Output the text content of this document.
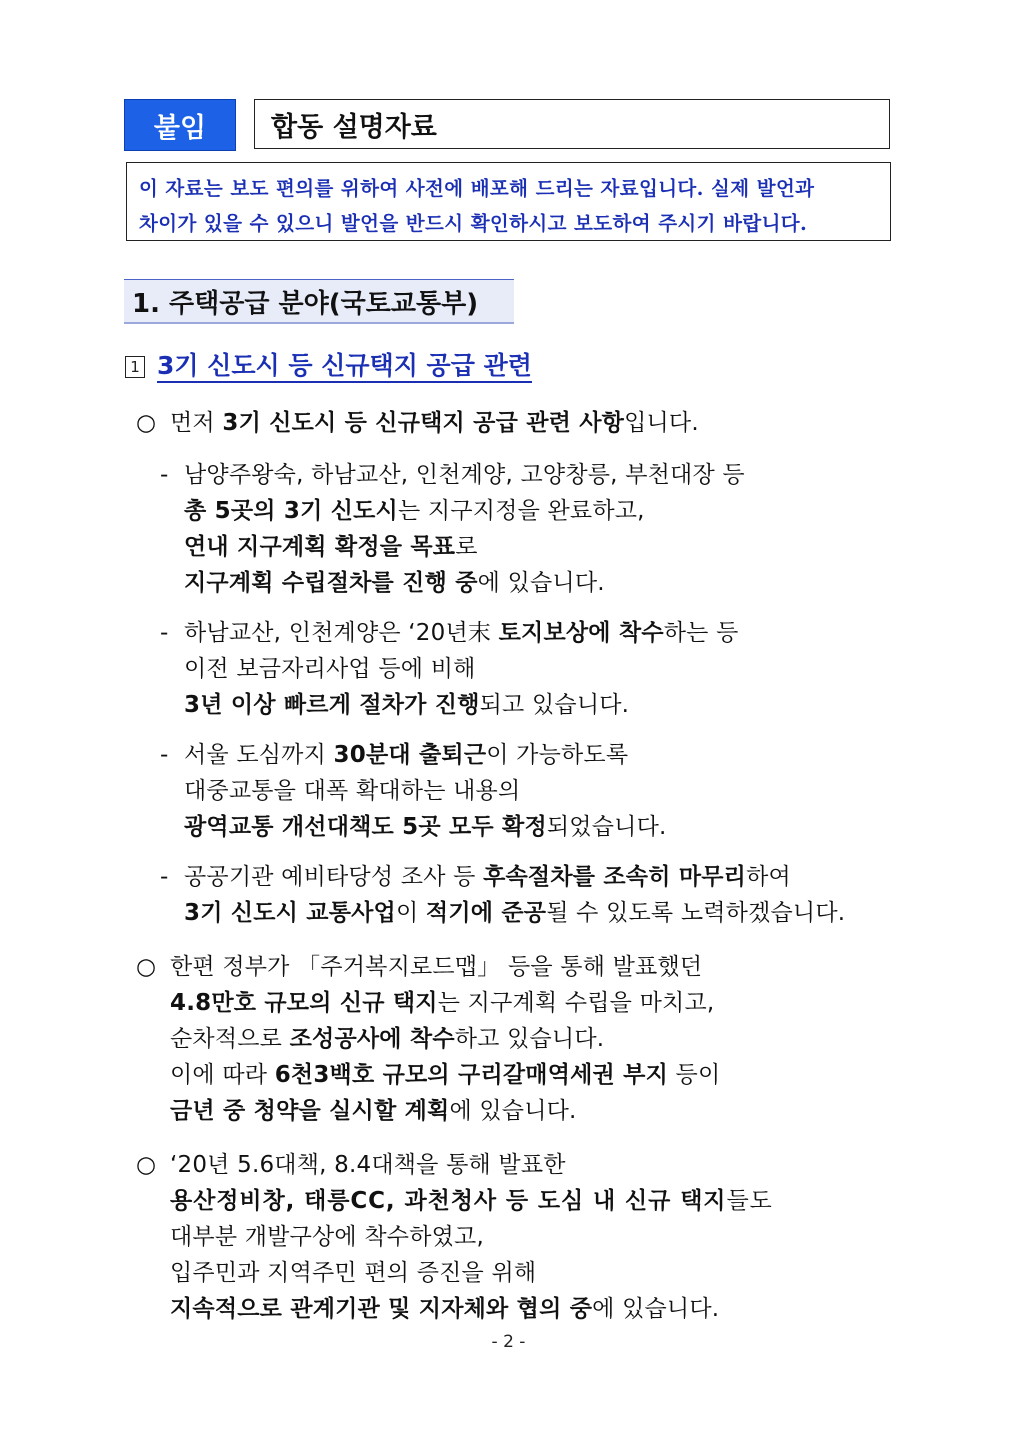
붙임	합동 설명자료
이 자료는 보도 편의를 위하여 사전에 배포해 드리는 자료입니다. 실제 발언과
차이가 있을 수 있으니 발언을 반드시 확인하시고 보도하여 주시기 바랍니다.
1. 주택공급 분야(국토교통부)
1 3기 신도시 등 신규택지 공급 관련
○ 먼저 3기 신도시 등 신규택지 공급 관련 사항입니다.
- 남양주왕숙, 하남교산, 인천계양, 고양창릉, 부천대장 등
총 5곳의 3기 신도시는 지구지정을 완료하고,
연내 지구계획 확정을 목표로
지구계획 수립절차를 진행 중에 있습니다.
- 하남교산, 인천계양은 ‘20년末 토지보상에 착수하는 등
이전 보금자리사업 등에 비해
3년 이상 빠르게 절차가 진행되고 있습니다.
- 서울 도심까지 30분대 출퇴근이 가능하도록
대중교통을 대폭 확대하는 내용의
광역교통 개선대책도 5곳 모두 확정되었습니다.
- 공공기관 예비타당성 조사 등 후속절차를 조속히 마무리하여
3기 신도시 교통사업이 적기에 준공될 수 있도록 노력하겠습니다.
○ 한편 정부가 「주거복지로드맵」 등을 통해 발표했던
4.8만호 규모의 신규 택지는 지구계획 수립을 마치고,
순차적으로 조성공사에 착수하고 있습니다.
이에 따라 6천3백호 규모의 구리갈매역세권 부지 등이
금년 중 청약을 실시할 계획에 있습니다.
○ ‘20년 5.6대책, 8.4대책을 통해 발표한
용산정비창, 태릉CC, 과천청사 등 도심 내 신규 택지들도
대부분 개발구상에 착수하였고,
입주민과 지역주민 편의 증진을 위해
지속적으로 관계기관 및 지자체와 협의 중에 있습니다.
- 2 -
